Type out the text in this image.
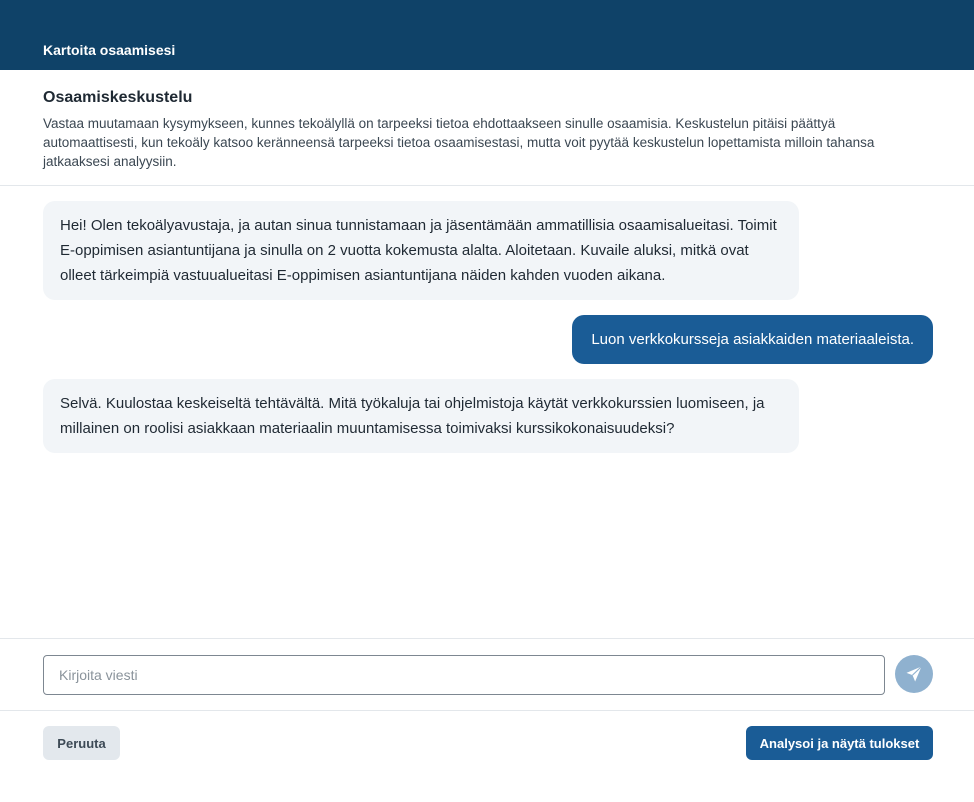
Kartoita osaamisesi
Osaamiskeskustelu

Vastaa muutamaan kysymykseen, kunnes tekoälyllä on tarpeeksi tietoa ehdottaakseen sinulle osaamisia. Keskustelun pitäisi päättyä automaattisesti, kun tekoäly katsoo keränneensä tarpeeksi tietoa osaamisestasi, mutta voit pyytää keskustelun lopettamista milloin tahansa jatkaaksesi analyysiin.

Hei! Olen tekoälyavustaja, ja autan sinua tunnistamaan ja jäsentämään ammatillisia osaamisalueitasi. Toimit E-oppimisen asiantuntijana ja sinulla on 2 vuotta kokemusta alalta. Aloitetaan. Kuvaile aluksi, mitkä ovat olleet tärkeimpiä vastuualueitasi E-oppimisen asiantuntijana näiden kahden vuoden aikana.
Luon verkkokursseja asiakkaiden materiaaleista.
Selvä. Kuulostaa keskeiseltä tehtävältä. Mitä työkaluja tai ohjelmistoja käytät verkkokurssien luomiseen, ja millainen on roolisi asiakkaan materiaalin muuntamisessa toimivaksi kurssikokonaisuudeksi?
Kirjoita viesti
Peruuta	Analysoi ja näytä tulokset
